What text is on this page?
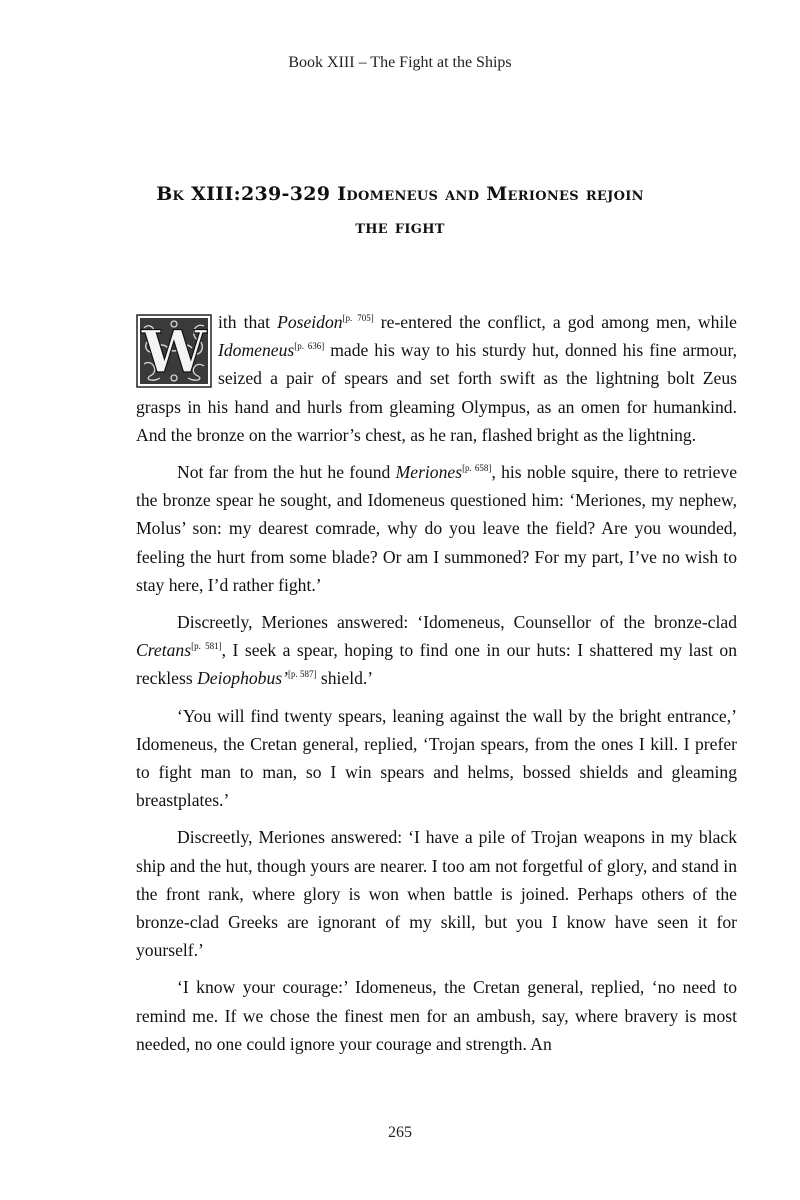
Book XIII – The Fight at the Ships
Bk XIII:239-329 Idomeneus and Meriones rejoin
the fight

W ith that Poseidon[p. 705] re-entered the conflict, a god among men, while Idomeneus[p. 636] made his way to his sturdy hut, donned his fine armour, seized a pair of spears and set forth swift as the lightning bolt Zeus grasps in his hand and hurls from gleaming Olympus, as an omen for humankind. And the bronze on the warrior’s chest, as he ran, flashed bright as the lightning.

Not far from the hut he found Meriones[p. 658], his noble squire, there to retrieve the bronze spear he sought, and Idomeneus questioned him: ‘Meriones, my nephew, Molus’ son: my dearest comrade, why do you leave the field? Are you wounded, feeling the hurt from some blade? Or am I summoned? For my part, I’ve no wish to stay here, I’d rather fight.’

Discreetly, Meriones answered: ‘Idomeneus, Counsellor of the bronze-clad Cretans[p. 581], I seek a spear, hoping to find one in our huts: I shattered my last on reckless Deiophobus’[p. 587] shield.’

‘You will find twenty spears, leaning against the wall by the bright entrance,’ Idomeneus, the Cretan general, replied, ‘Trojan spears, from the ones I kill. I prefer to fight man to man, so I win spears and helms, bossed shields and gleaming breastplates.’

Discreetly, Meriones answered: ‘I have a pile of Trojan weapons in my black ship and the hut, though yours are nearer. I too am not forgetful of glory, and stand in the front rank, where glory is won when battle is joined. Perhaps others of the bronze-clad Greeks are ignorant of my skill, but you I know have seen it for yourself.’

‘I know your courage:’ Idomeneus, the Cretan general, replied, ‘no need to remind me. If we chose the finest men for an ambush, say, where bravery is most needed, no one could ignore your courage and strength. An

265
